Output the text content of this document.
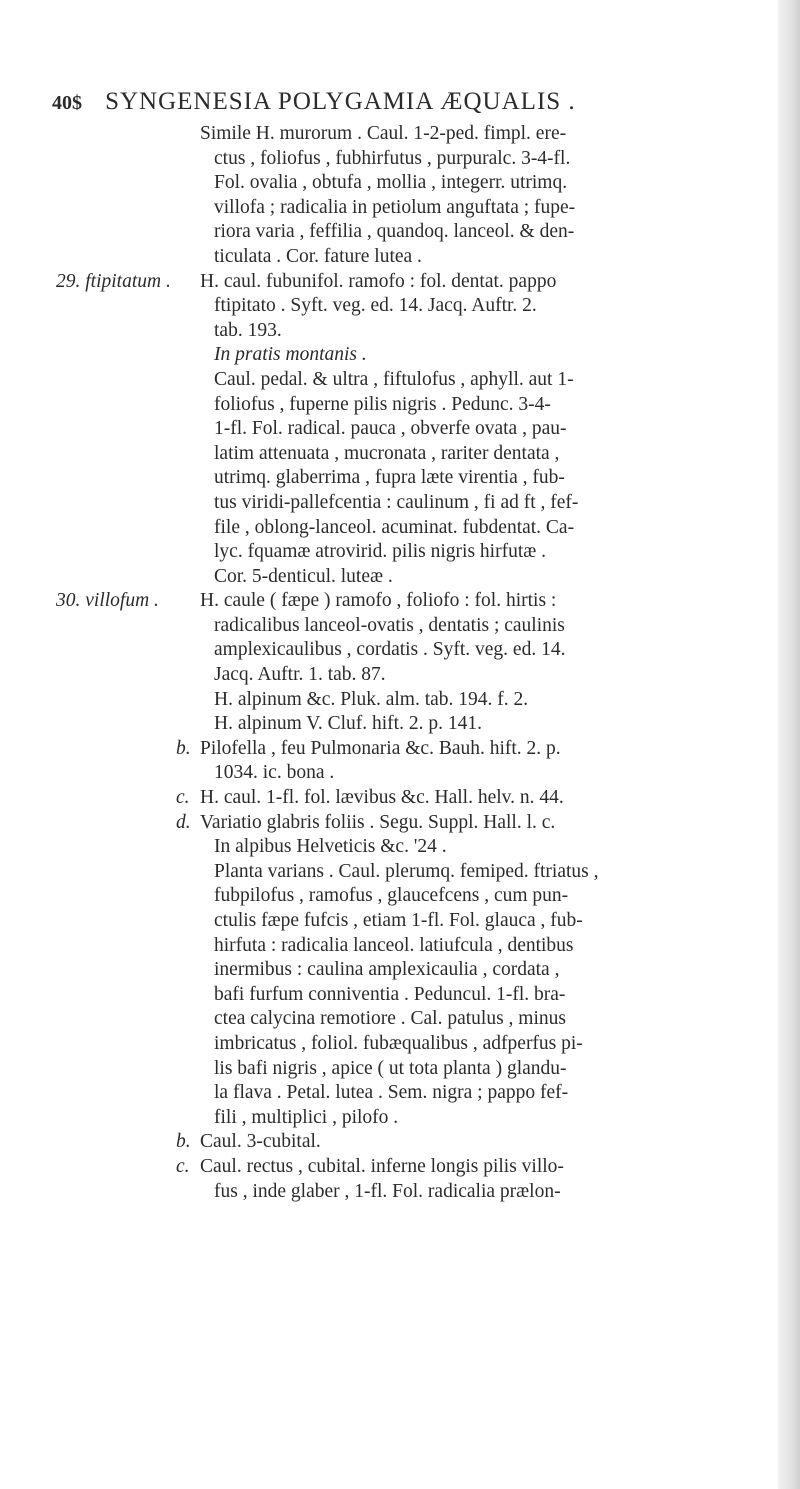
40$ SYNGENESIA POLYGAMIA ÆQUALIS .
Simile H. murorum . Caul. 1-2-ped. fimpl. ere-
ctus , foliofus , fubhirfutus , purpuralc. 3-4-fl.
Fol. ovalia , obtufa , mollia , integerr. utrimq.
villofa ; radicalia in petiolum anguftata ; fupe-
riora varia , feffilia , quandoq. lanceol. & den-
ticulata . Cor. fature lutea .
29. ftipitatum . H. caul. fubunifol. ramofo : fol. dentat. pappo
ftipitato . Syft. veg. ed. 14. Jacq. Auftr. 2.
tab. 193.
In pratis montanis .
Caul. pedal. & ultra , fiftulofus , aphyll. aut 1-
foliofus , fuperne pilis nigris . Pedunc. 3-4-
1-fl. Fol. radical. pauca , obverfe ovata , pau-
latim attenuata , mucronata , rariter dentata ,
utrimq. glaberrima , fupra læte virentia , fub-
tus viridi-pallefcentia : caulinum , fi ad ft , fef-
file , oblong-lanceol. acuminat. fubdentat. Ca-
lyc. fquamæ atrovirid. pilis nigris hirfutæ .
Cor. 5-denticul. luteæ .
30. villofum . H. caule ( fæpe ) ramofo , foliofo : fol. hirtis :
radicalibus lanceol-ovatis , dentatis ; caulinis
amplexicaulibus , cordatis . Syft. veg. ed. 14.
Jacq. Auftr. 1. tab. 87.
H. alpinum &c. Pluk. alm. tab. 194. f. 2.
H. alpinum V. Cluf. hift. 2. p. 141.
b. Pilofella , feu Pulmonaria &c. Bauh. hift. 2. p.
1034. ic. bona .
c. H. caul. 1-fl. fol. lævibus &c. Hall. helv. n. 44.
d. Variatio glabris foliis . Segu. Suppl. Hall. l. c.
In alpibus Helveticis &c. '24 .
Planta varians . Caul. plerumq. femiped. ftriatus ,
fubpilofus , ramofus , glaucefcens , cum pun-
ctulis fæpe fufcis , etiam 1-fl. Fol. glauca , fub-
hirfuta : radicalia lanceol. latiufcula , dentibus
inermibus : caulina amplexicaulia , cordata ,
bafi furfum conniventia . Peduncul. 1-fl. bra-
ctea calycina remotiore . Cal. patulus , minus
imbricatus , foliol. fubæqualibus , adfperfus pi-
lis bafi nigris , apice ( ut tota planta ) glandu-
la flava . Petal. lutea . Sem. nigra ; pappo fef-
fili , multiplici , pilofo .
b. Caul. 3-cubital.
c. Caul. rectus , cubital. inferne longis pilis villo-
fus , inde glaber , 1-fl. Fol. radicalia prælon-
